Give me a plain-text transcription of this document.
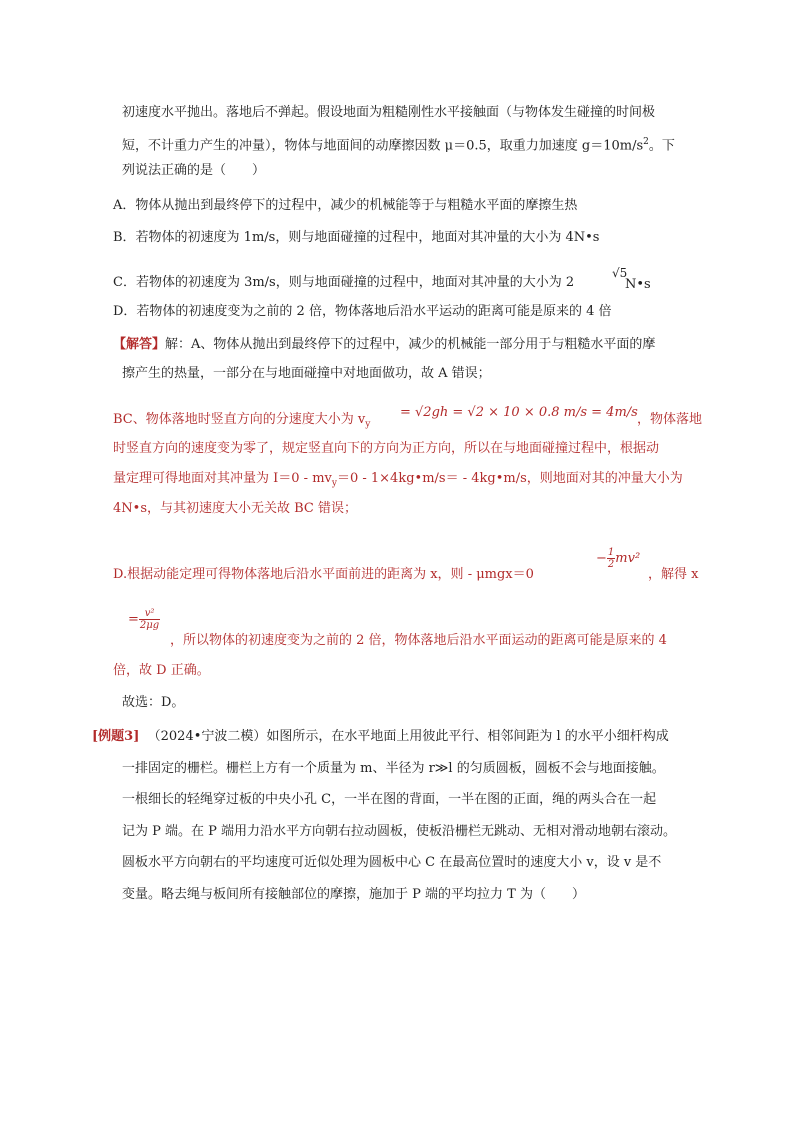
初速度水平抛出。落地后不弹起。假设地面为粗糙刚性水平接触面（与物体发生碰撞的时间极
短，不计重力产生的冲量），物体与地面间的动摩擦因数 μ＝0.5，取重力加速度 $g=10m/s^2$。下
列说法正确的是（　　）
A．物体从抛出到最终停下的过程中，减少的机械能等于与粗糙水平面的摩擦生热
B．若物体的初速度为 1m/s，则与地面碰撞的过程中，地面对其冲量的大小为 4N•s
C．若物体的初速度为 3m/s，则与地面碰撞的过程中，地面对其冲量的大小为 2
√5
N•s
D．若物体的初速度变为之前的 2 倍，物体落地后沿水平运动的距离可能是原来的 4 倍
【解答】解：A、物体从抛出到最终停下的过程中，减少的机械能一部分用于与粗糙水平面的摩
擦产生的热量，一部分在与地面碰撞中对地面做功，故 A 错误；
BC、物体落地时竖直方向的分速度大小为 $v_y$
= √2gh = √2 × 10 × 0.8 m/s = 4m/s ，物体落地
时竖直方向的速度变为零了，规定竖直向下的方向为正方向，所以在与地面碰撞过程中，根据动
量定理可得地面对其冲量为 $I=0 - mv_y=0$ - 1×4kg•m/s＝ - 4kg•m/s，则地面对其的冲量大小为
4N•s，与其初速度大小无关故 BC 错误；
D.根据动能定理可得物体落地后沿水平面前进的距离为 x，则 - μmgx＝0
− $\frac{1}{2} mv^2$
，解得 x
= $\frac{\text{v²}}{2\mu g}$
，所以物体的初速度变为之前的 2 倍，物体落地后沿水平面运动的距离可能是原来的 4
倍，故 D 正确。
故选：D。
[例题3] （2024•宁波二模）如图所示，在水平地面上用彼此平行、相邻间距为 l 的水平小细杆构成
一排固定的栅栏。栅栏上方有一个质量为 m、半径为 r≫l 的匀质圆板，圆板不会与地面接触。
一根细长的轻绳穿过板的中央小孔 C，一半在图的背面，一半在图的正面，绳的两头合在一起
记为 P 端。在 P 端用力沿水平方向朝右拉动圆板，使板沿栅栏无跳动、无相对滑动地朝右滚动。
圆板水平方向朝右的平均速度可近似处理为圆板中心 C 在最高位置时的速度大小 v，设 v 是不
变量。略去绳与板间所有接触部位的摩擦，施加于 P 端的平均拉力 T 为（　　）
